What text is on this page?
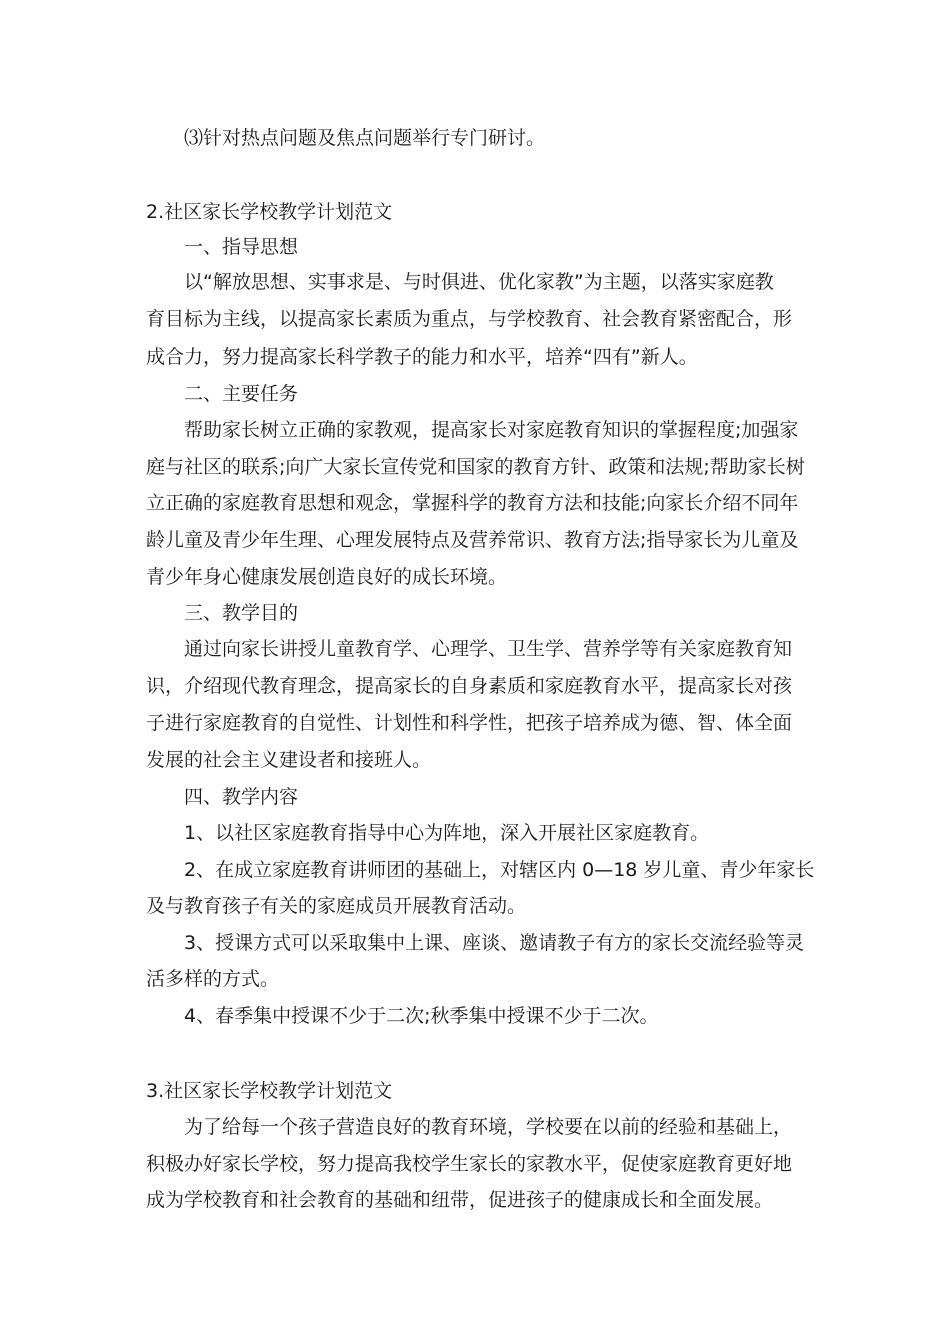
⑶针对热点问题及焦点问题举行专门研讨。
2.社区家长学校教学计划范文
一、指导思想
以“解放思想、实事求是、与时俱进、优化家教”为主题，以落实家庭教
育目标为主线，以提高家长素质为重点，与学校教育、社会教育紧密配合，形
成合力，努力提高家长科学教子的能力和水平，培养“四有”新人。
二、主要任务
帮助家长树立正确的家教观，提高家长对家庭教育知识的掌握程度;加强家
庭与社区的联系;向广大家长宣传党和国家的教育方针、政策和法规;帮助家长树
立正确的家庭教育思想和观念，掌握科学的教育方法和技能;向家长介绍不同年
龄儿童及青少年生理、心理发展特点及营养常识、教育方法;指导家长为儿童及
青少年身心健康发展创造良好的成长环境。
三、教学目的
通过向家长讲授儿童教育学、心理学、卫生学、营养学等有关家庭教育知
识，介绍现代教育理念，提高家长的自身素质和家庭教育水平，提高家长对孩
子进行家庭教育的自觉性、计划性和科学性，把孩子培养成为德、智、体全面
发展的社会主义建设者和接班人。
四、教学内容
1、以社区家庭教育指导中心为阵地，深入开展社区家庭教育。
2、在成立家庭教育讲师团的基础上，对辖区内 0—18 岁儿童、青少年家长
及与教育孩子有关的家庭成员开展教育活动。
3、授课方式可以采取集中上课、座谈、邀请教子有方的家长交流经验等灵
活多样的方式。
4、春季集中授课不少于二次;秋季集中授课不少于二次。
3.社区家长学校教学计划范文
为了给每一个孩子营造良好的教育环境，学校要在以前的经验和基础上，
积极办好家长学校，努力提高我校学生家长的家教水平，促使家庭教育更好地
成为学校教育和社会教育的基础和纽带，促进孩子的健康成长和全面发展。
